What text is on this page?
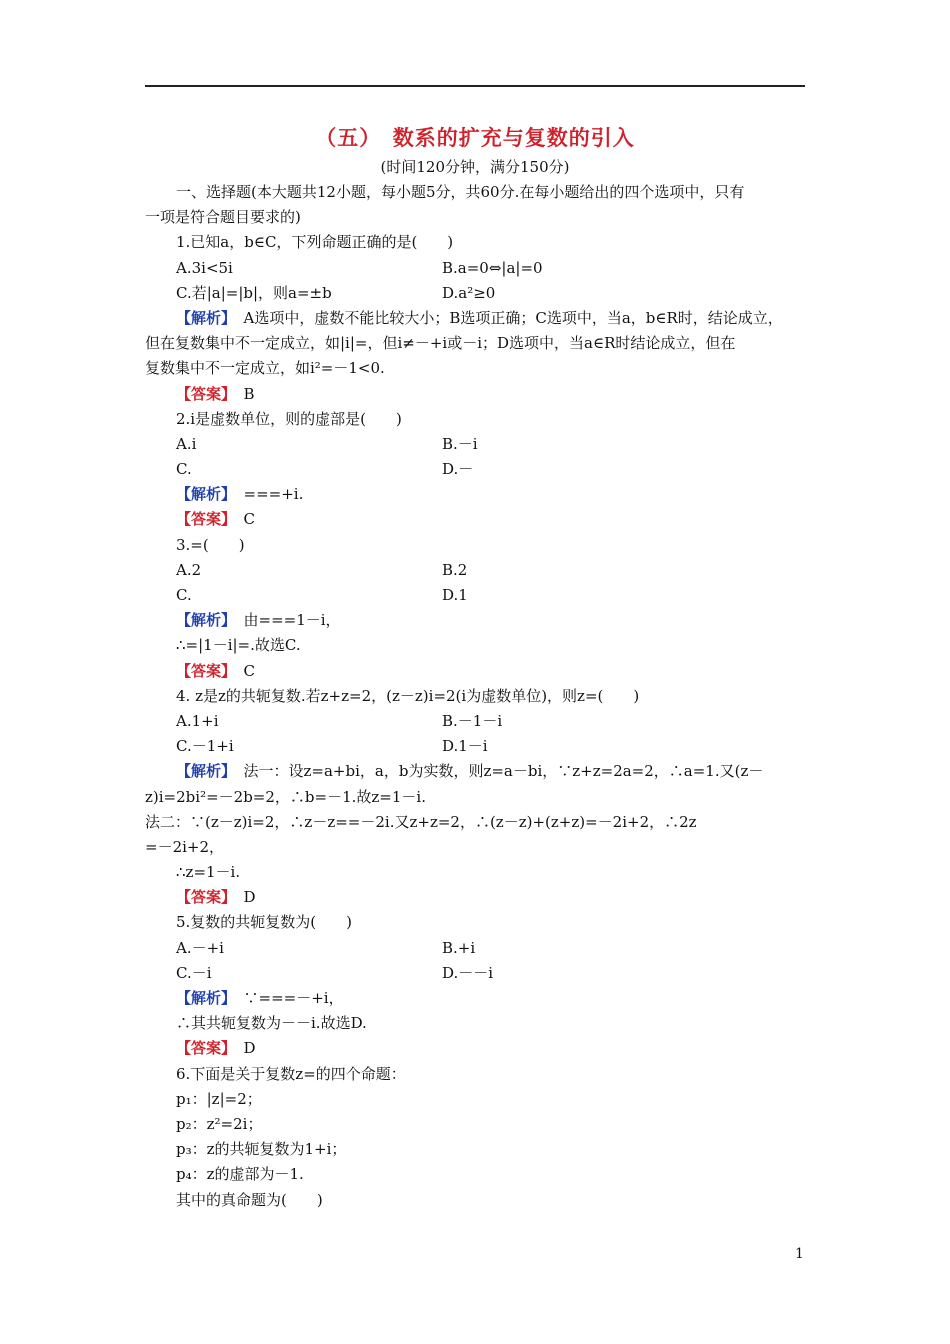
（五）　数系的扩充与复数的引入
(时间120分钟，满分150分)
一、选择题(本大题共12小题，每小题5分，共60分.在每小题给出的四个选项中，只有
一项是符合题目要求的)
1.已知a，b∈C，下列命题正确的是(　　)
A.3i<5i	B.a=0⇔|a|=0
C.若|a|=|b|，则a=±b	D.a²≥0
【解析】　A选项中，虚数不能比较大小；B选项正确；C选项中，当a，b∈R时，结论成立，
但在复数集中不一定成立，如|i|=，但i≠－+i或－i；D选项中，当a∈R时结论成立，但在
复数集中不一定成立，如i²=－1<0.
【答案】　B
2.i是虚数单位，则的虚部是(　　)
A.i	B.－i
C.	D.－
【解析】　===+i.
【答案】　C
3.=(　　)
A.2	B.2
C.	D.1
【解析】　由===1－i，
∴=|1－i|=.故选C.
【答案】　C
4. z是z的共轭复数.若z+z=2，(z－z)i=2(i为虚数单位)，则z=(　　)
A.1+i	B.－1－i
C.－1+i	D.1－i
【解析】　法一：设z=a+bi，a，b为实数，则z=a－bi，∵z+z=2a=2，∴a=1.又(z－
z)i=2bi²=－2b=2，∴b=－1.故z=1－i.
法二：∵(z－z)i=2，∴z－z==－2i.又z+z=2，∴(z－z)+(z+z)=－2i+2，∴2z
=－2i+2，
∴z=1－i.
【答案】　D
5.复数的共轭复数为(　　)
A.－+i	B.+i
C.－i	D.－－i
【解析】　∵===－+i，
∴其共轭复数为－－i.故选D.
【答案】　D
6.下面是关于复数z=的四个命题：
p₁：|z|=2；
p₂：z²=2i；
p₃：z的共轭复数为1+i；
p₄：z的虚部为－1.
其中的真命题为(　　)
1
